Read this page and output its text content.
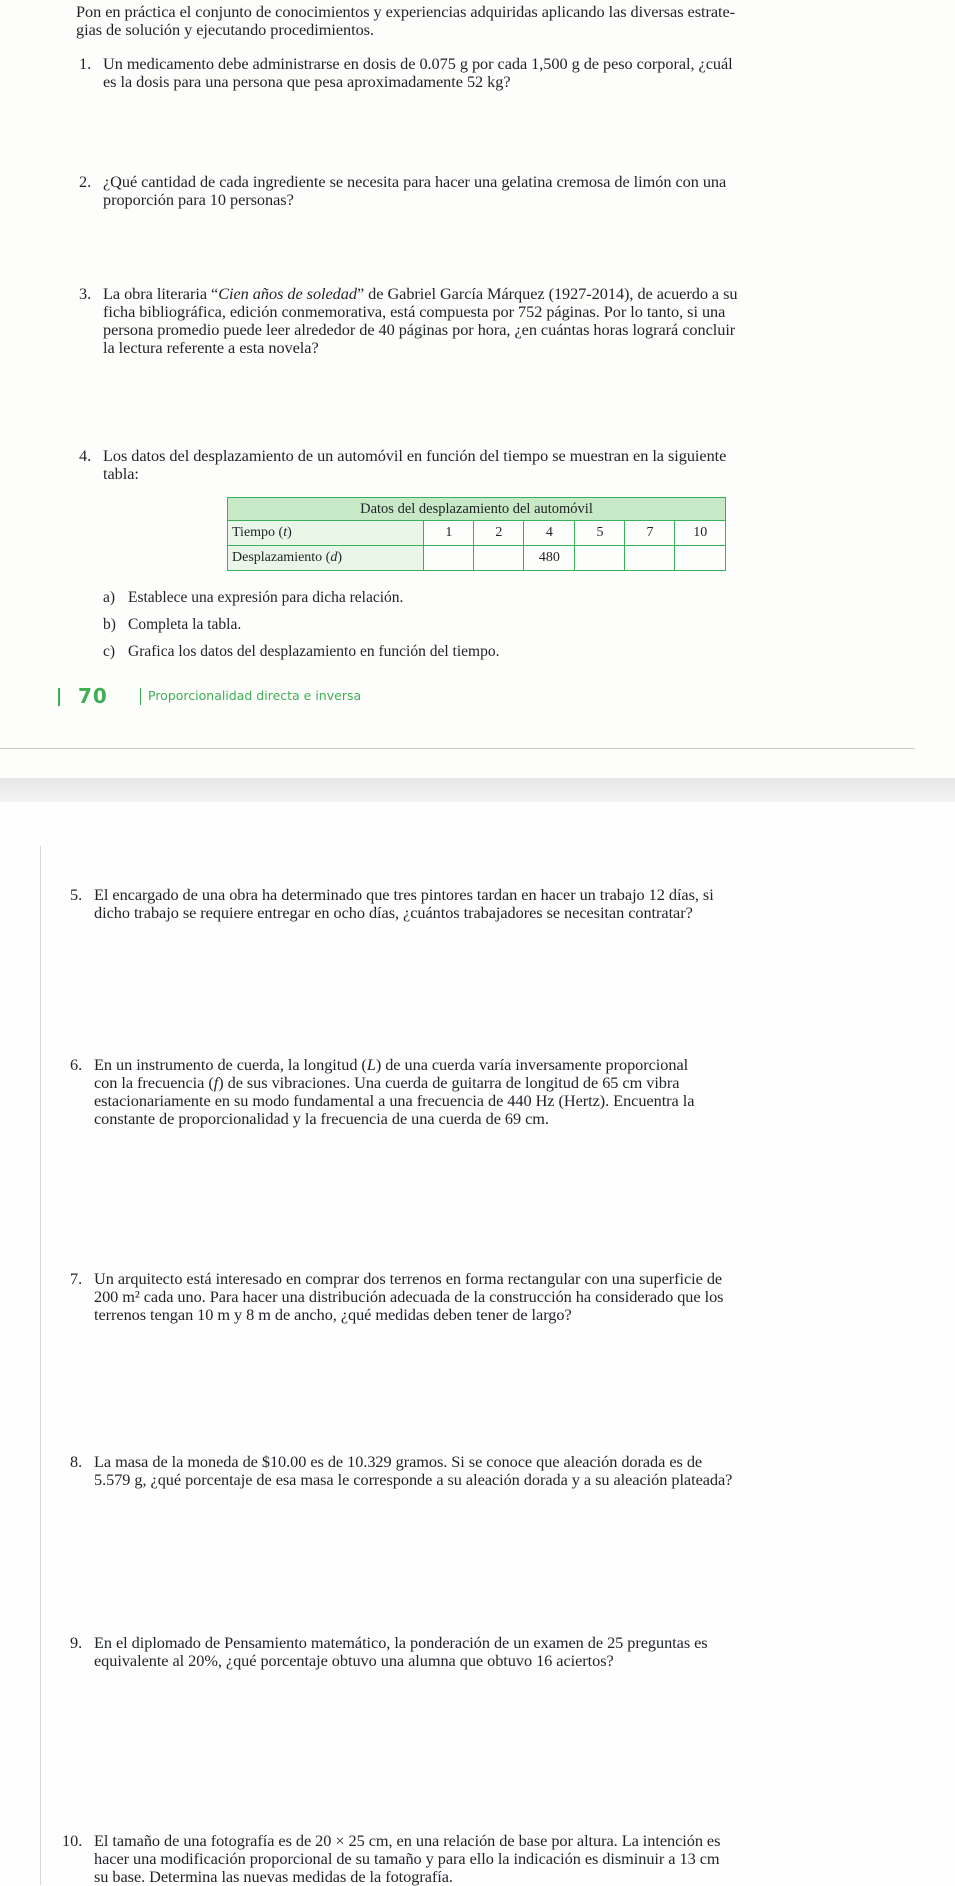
Pon en práctica el conjunto de conocimientos y experiencias adquiridas aplicando las diversas estrate-

gias de solución y ejecutando procedimientos.

1. Un medicamento debe administrarse en dosis de 0.075 g por cada 1,500 g de peso corporal, ¿cuál

es la dosis para una persona que pesa aproximadamente 52 kg?

2. ¿Qué cantidad de cada ingrediente se necesita para hacer una gelatina cremosa de limón con una

proporción para 10 personas?

3. La obra literaria “Cien años de soledad” de Gabriel García Márquez (1927-2014), de acuerdo a su

ficha bibliográfica, edición conmemorativa, está compuesta por 752 páginas. Por lo tanto, si una

persona promedio puede leer alrededor de 40 páginas por hora, ¿en cuántas horas logrará concluir

la lectura referente a esta novela?

4. Los datos del desplazamiento de un automóvil en función del tiempo se muestran en la siguiente

tabla:

Datos del desplazamiento del automóvil						
Tiempo (t)	1	2	4	5	7	10
Desplazamiento (d)			480			
a) Establece una expresión para dicha relación.

b) Completa la tabla.

c) Grafica los datos del desplazamiento en función del tiempo.

70	Proporcionalidad directa e inversa
5. El encargado de una obra ha determinado que tres pintores tardan en hacer un trabajo 12 días, si

dicho trabajo se requiere entregar en ocho días, ¿cuántos trabajadores se necesitan contratar?

6. En un instrumento de cuerda, la longitud (L) de una cuerda varía inversamente proporcional

con la frecuencia (f) de sus vibraciones. Una cuerda de guitarra de longitud de 65 cm vibra

estacionariamente en su modo fundamental a una frecuencia de 440 Hz (Hertz). Encuentra la

constante de proporcionalidad y la frecuencia de una cuerda de 69 cm.

7. Un arquitecto está interesado en comprar dos terrenos en forma rectangular con una superficie de

200 m² cada uno. Para hacer una distribución adecuada de la construcción ha considerado que los

terrenos tengan 10 m y 8 m de ancho, ¿qué medidas deben tener de largo?

8. La masa de la moneda de $10.00 es de 10.329 gramos. Si se conoce que aleación dorada es de

5.579 g, ¿qué porcentaje de esa masa le corresponde a su aleación dorada y a su aleación plateada?

9. En el diplomado de Pensamiento matemático, la ponderación de un examen de 25 preguntas es

equivalente al 20%, ¿qué porcentaje obtuvo una alumna que obtuvo 16 aciertos?

10. El tamaño de una fotografía es de 20 × 25 cm, en una relación de base por altura. La intención es

hacer una modificación proporcional de su tamaño y para ello la indicación es disminuir a 13 cm

su base. Determina las nuevas medidas de la fotografía.
